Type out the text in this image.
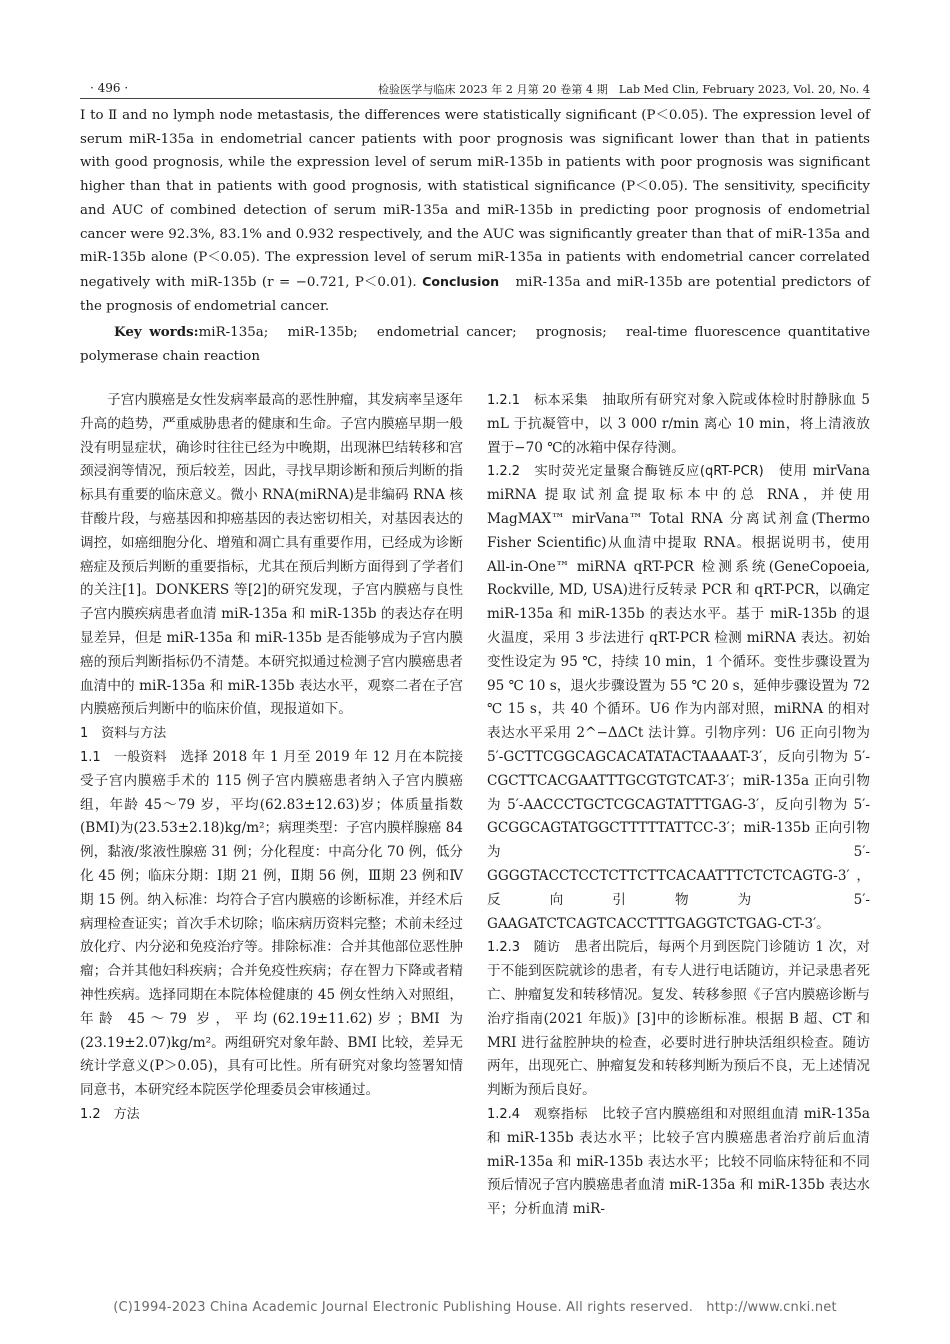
· 496 ·	检验医学与临床 2023 年 2 月第 20 卷第 4 期　Lab Med Clin, February 2023, Vol. 20, No. 4

Ⅰ to Ⅱ and no lymph node metastasis, the differences were statistically significant (P＜0.05). The expression level of serum miR-135a in endometrial cancer patients with poor prognosis was significant lower than that in patients with good prognosis, while the expression level of serum miR-135b in patients with poor prognosis was significant higher than that in patients with good prognosis, with statistical significance (P＜0.05). The sensitivity, specificity and AUC of combined detection of serum miR-135a and miR-135b in predicting poor prognosis of endometrial cancer were 92.3%, 83.1% and 0.932 respectively, and the AUC was significantly greater than that of miR-135a and miR-135b alone (P＜0.05). The expression level of serum miR-135a in patients with endometrial cancer correlated negatively with miR-135b (r = −0.721, P＜0.01). Conclusion miR-135a and miR-135b are potential predictors of the prognosis of endometrial cancer.

Key words:miR-135a;　miR-135b;　endometrial cancer;　prognosis;　real-time fluorescence quantitative polymerase chain reaction

子宫内膜癌是女性发病率最高的恶性肿瘤，其发病率呈逐年升高的趋势，严重威胁患者的健康和生命。子宫内膜癌早期一般没有明显症状，确诊时往往已经为中晚期，出现淋巴结转移和宫颈浸润等情况，预后较差，因此，寻找早期诊断和预后判断的指标具有重要的临床意义。微小 RNA(miRNA)是非编码 RNA 核苷酸片段，与癌基因和抑癌基因的表达密切相关，对基因表达的调控，如癌细胞分化、增殖和凋亡具有重要作用，已经成为诊断癌症及预后判断的重要指标，尤其在预后判断方面得到了学者们的关注[1]。DONKERS 等[2]的研究发现，子宫内膜癌与良性子宫内膜疾病患者血清 miR-135a 和 miR-135b 的表达存在明显差异，但是 miR-135a 和 miR-135b 是否能够成为子宫内膜癌的预后判断指标仍不清楚。本研究拟通过检测子宫内膜癌患者血清中的 miR-135a 和 miR-135b 表达水平，观察二者在子宫内膜癌预后判断中的临床价值，现报道如下。

1　资料与方法

1.1　一般资料　 选择 2018 年 1 月至 2019 年 12 月在本院接受子宫内膜癌手术的 115 例子宫内膜癌患者纳入子宫内膜癌组，年龄 45～79 岁，平均(62.83±12.63)岁；体质量指数(BMI)为(23.53±2.18)kg/m²；病理类型：子宫内膜样腺癌 84 例，黏液/浆液性腺癌 31 例；分化程度：中高分化 70 例，低分化 45 例；临床分期：Ⅰ期 21 例，Ⅱ期 56 例，Ⅲ期 23 例和Ⅳ期 15 例。纳入标准：均符合子宫内膜癌的诊断标准，并经术后病理检查证实；首次手术切除；临床病历资料完整；术前未经过放化疗、内分泌和免疫治疗等。排除标准：合并其他部位恶性肿瘤；合并其他妇科疾病；合并免疫性疾病；存在智力下降或者精神性疾病。选择同期在本院体检健康的 45 例女性纳入对照组，年龄 45～79 岁，平均(62.19±11.62)岁；BMI 为(23.19±2.07)kg/m²。两组研究对象年龄、BMI 比较，差异无统计学意义(P＞0.05)，具有可比性。所有研究对象均签署知情同意书，本研究经本院医学伦理委员会审核通过。

1.2　方法

1.2.1　标本采集　 抽取所有研究对象入院或体检时肘静脉血 5 mL 于抗凝管中，以 3 000 r/min 离心 10 min，将上清液放置于−70 ℃的冰箱中保存待测。

1.2.2　实时荧光定量聚合酶链反应(qRT-PCR)　 使用 mirVana miRNA 提取试剂盒提取标本中的总 RNA，并使用 MagMAX™ mirVana™ Total RNA 分离试剂盒(Thermo Fisher Scientific)从血清中提取 RNA。根据说明书，使用 All-in-One™ miRNA qRT-PCR 检测系统(GeneCopoeia, Rockville, MD, USA)进行反转录 PCR 和 qRT-PCR，以确定 miR-135a 和 miR-135b 的表达水平。基于 miR-135b 的退火温度，采用 3 步法进行 qRT-PCR 检测 miRNA 表达。初始变性设定为 95 ℃，持续 10 min，1 个循环。变性步骤设置为 95 ℃ 10 s，退火步骤设置为 55 ℃ 20 s，延伸步骤设置为 72 ℃ 15 s，共 40 个循环。U6 作为内部对照，miRNA 的相对表达水平采用 2^−ΔΔCt 法计算。引物序列：U6 正向引物为 5′-GCTTCGGCAGCACATATACTAAAAT-3′，反向引物为 5′-CGCTTCACGAATTTGCGTGTCAT-3′；miR-135a 正向引物为 5′-AACCCTGCTCGCAGTATTTGAG-3′，反向引物为 5′-GCGGCAGTATGGCTTTTTATTCC-3′；miR-135b 正向引物为 5′-GGGGTACCTCCTCTTCTTCACAATTTCTCTCAGTG-3′，反向引物为 5′-GAAGATCTCAGTCACCTTTGAGGTCTGAG-CT-3′。

1.2.3　随访　 患者出院后，每两个月到医院门诊随访 1 次，对于不能到医院就诊的患者，有专人进行电话随访，并记录患者死亡、肿瘤复发和转移情况。复发、转移参照《子宫内膜癌诊断与治疗指南(2021 年版)》[3]中的诊断标准。根据 B 超、CT 和 MRI 进行盆腔肿块的检查，必要时进行肿块活组织检查。随访两年，出现死亡、肿瘤复发和转移判断为预后不良，无上述情况判断为预后良好。

1.2.4　观察指标　 比较子宫内膜癌组和对照组血清 miR-135a 和 miR-135b 表达水平；比较子宫内膜癌患者治疗前后血清 miR-135a 和 miR-135b 表达水平；比较不同临床特征和不同预后情况子宫内膜癌患者血清 miR-135a 和 miR-135b 表达水平；分析血清 miR-

(C)1994-2023 China Academic Journal Electronic Publishing House. All rights reserved.　http://www.cnki.net
